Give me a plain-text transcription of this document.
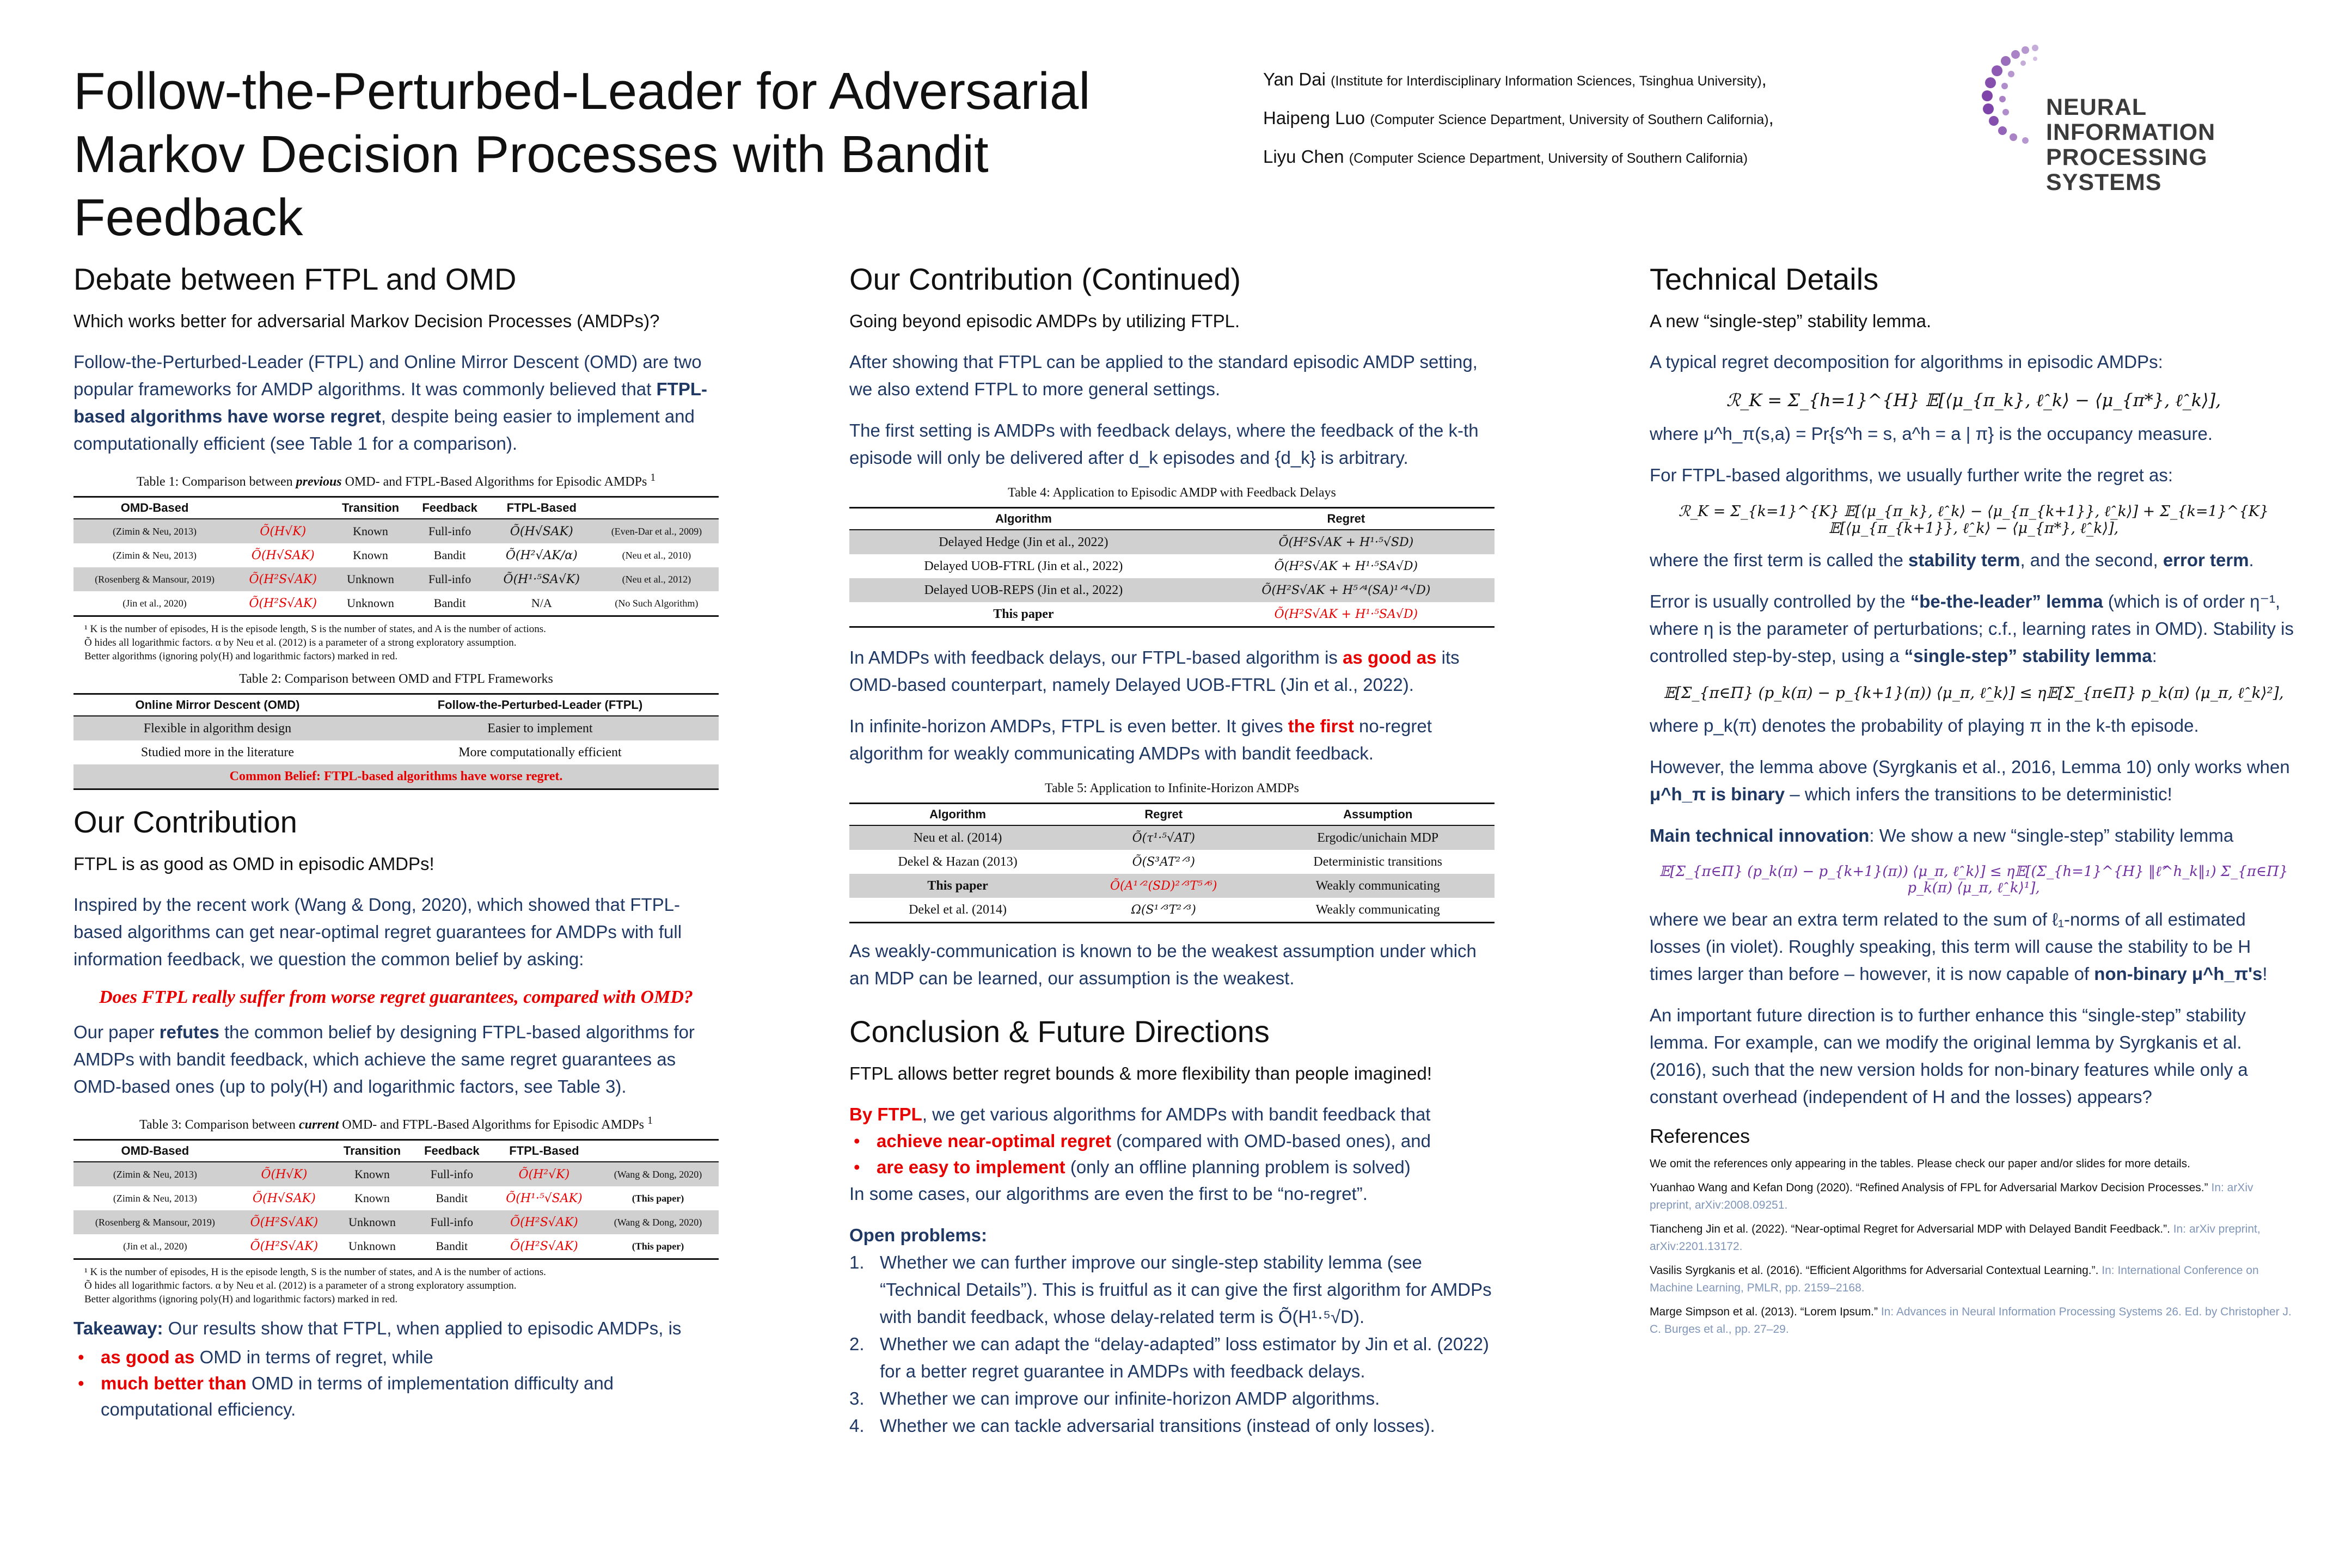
Follow-the-Perturbed-Leader for Adversarial
Markov Decision Processes with Bandit Feedback
Yan Dai (Institute for Interdisciplinary Information Sciences, Tsinghua University),
Haipeng Luo (Computer Science Department, University of Southern California),
Liyu Chen (Computer Science Department, University of Southern California)
NEURAL INFORMATION
PROCESSING SYSTEMS
Debate between FTPL and OMD
Which works better for adversarial Markov Decision Processes (AMDPs)?

Follow-the-Perturbed-Leader (FTPL) and Online Mirror Descent (OMD) are two popular frameworks for AMDP algorithms. It was commonly believed that FTPL-based algorithms have worse regret, despite being easier to implement and computationally efficient (see Table 1 for a comparison).

Table 1: Comparison between previous OMD- and FTPL-Based Algorithms for Episodic AMDPs $^1$
OMD-Based		Transition	Feedback	FTPL-Based	
(Zimin & Neu, 2013)	Õ(H√K)	Known	Full-info	Õ(H√SAK)	(Even-Dar et al., 2009)
(Zimin & Neu, 2013)	Õ(H√SAK)	Known	Bandit	Õ(H²√AK/α)	(Neu et al., 2010)
(Rosenberg & Mansour, 2019)	Õ(H²S√AK)	Unknown	Full-info	Õ(H¹·⁵SA√K)	(Neu et al., 2012)
(Jin et al., 2020)	Õ(H²S√AK)	Unknown	Bandit	N/A	(No Such Algorithm)
¹ K is the number of episodes, H is the episode length, S is the number of states, and A is the number of actions.
Õ hides all logarithmic factors. α by Neu et al. (2012) is a parameter of a strong exploratory assumption.
Better algorithms (ignoring poly(H) and logarithmic factors) marked in red.
Table 2: Comparison between OMD and FTPL Frameworks
Online Mirror Descent (OMD)	Follow-the-Perturbed-Leader (FTPL)
Flexible in algorithm design	Easier to implement
Studied more in the literature	More computationally efficient
Common Belief: FTPL-based algorithms have worse regret.	
Our Contribution
FTPL is as good as OMD in episodic AMDPs!

Inspired by the recent work (Wang & Dong, 2020), which showed that FTPL-based algorithms can get near-optimal regret guarantees for AMDPs with full information feedback, we question the common belief by asking:

Does FTPL really suffer from worse regret guarantees, compared with OMD?

Our paper refutes the common belief by designing FTPL-based algorithms for AMDPs with bandit feedback, which achieve the same regret guarantees as OMD-based ones (up to poly(H) and logarithmic factors, see Table 3).

Table 3: Comparison between current OMD- and FTPL-Based Algorithms for Episodic AMDPs $^1$
OMD-Based		Transition	Feedback	FTPL-Based	
(Zimin & Neu, 2013)	Õ(H√K)	Known	Full-info	Õ(H²√K)	(Wang & Dong, 2020)
(Zimin & Neu, 2013)	Õ(H√SAK)	Known	Bandit	Õ(H¹·⁵√SAK)	(This paper)
(Rosenberg & Mansour, 2019)	Õ(H²S√AK)	Unknown	Full-info	Õ(H²S√AK)	(Wang & Dong, 2020)
(Jin et al., 2020)	Õ(H²S√AK)	Unknown	Bandit	Õ(H²S√AK)	(This paper)
¹ K is the number of episodes, H is the episode length, S is the number of states, and A is the number of actions.
Õ hides all logarithmic factors. α by Neu et al. (2012) is a parameter of a strong exploratory assumption.
Better algorithms (ignoring poly(H) and logarithmic factors) marked in red.

Takeaway: Our results show that FTPL, when applied to episodic AMDPs, is

• as good as OMD in terms of regret, while
• much better than OMD in terms of implementation difficulty and computational efficiency.
Our Contribution (Continued)
Going beyond episodic AMDPs by utilizing FTPL.

After showing that FTPL can be applied to the standard episodic AMDP setting, we also extend FTPL to more general settings.

The first setting is AMDPs with feedback delays, where the feedback of the k-th episode will only be delivered after d_k episodes and {d_k} is arbitrary.

Table 4: Application to Episodic AMDP with Feedback Delays
Algorithm	Regret
Delayed Hedge (Jin et al., 2022)	Õ(H²S√AK + H¹·⁵√SD)
Delayed UOB-FTRL (Jin et al., 2022)	Õ(H²S√AK + H¹·⁵SA√D)
Delayed UOB-REPS (Jin et al., 2022)	Õ(H²S√AK + H⁵ᐟ⁴(SA)¹ᐟ⁴√D)
This paper	Õ(H²S√AK + H¹·⁵SA√D)

In AMDPs with feedback delays, our FTPL-based algorithm is as good as its OMD-based counterpart, namely Delayed UOB-FTRL (Jin et al., 2022).

In infinite-horizon AMDPs, FTPL is even better. It gives the first no-regret algorithm for weakly communicating AMDPs with bandit feedback.

Table 5: Application to Infinite-Horizon AMDPs
Algorithm	Regret	Assumption
Neu et al. (2014)	Õ(τ¹·⁵√AT)	Ergodic/unichain MDP
Dekel & Hazan (2013)	Õ(S³AT²ᐟ³)	Deterministic transitions
This paper	Õ(A¹ᐟ²(SD)²ᐟ³T⁵ᐟ⁶)	Weakly communicating
Dekel et al. (2014)	Ω(S¹ᐟ³T²ᐟ³)	Weakly communicating

As weakly-communication is known to be the weakest assumption under which an MDP can be learned, our assumption is the weakest.

Conclusion & Future Directions
FTPL allows better regret bounds & more flexibility than people imagined!

By FTPL, we get various algorithms for AMDPs with bandit feedback that

• achieve near-optimal regret (compared with OMD-based ones), and
• are easy to implement (only an offline planning problem is solved)

In some cases, our algorithms are even the first to be “no-regret”.

Open problems:

1. Whether we can further improve our single-step stability lemma (see “Technical Details”). This is fruitful as it can give the first algorithm for AMDPs with bandit feedback, whose delay-related term is Õ(H¹·⁵√D).
2. Whether we can adapt the “delay-adapted” loss estimator by Jin et al. (2022) for a better regret guarantee in AMDPs with feedback delays.
3. Whether we can improve our infinite-horizon AMDP algorithms.
4. Whether we can tackle adversarial transitions (instead of only losses).
Technical Details
A new “single-step” stability lemma.

A typical regret decomposition for algorithms in episodic AMDPs:

ℛ_K = Σ_{h=1}^{H} 𝔼[⟨μ_{π_k}, ℓ̂_k⟩ − ⟨μ_{π*}, ℓ̂_k⟩],

where μ^h_π(s,a) = Pr{s^h = s, a^h = a | π} is the occupancy measure.

For FTPL-based algorithms, we usually further write the regret as:

ℛ_K = Σ_{k=1}^{K} 𝔼[⟨μ_{π_k}, ℓ̂_k⟩ − ⟨μ_{π_{k+1}}, ℓ̂_k⟩] + Σ_{k=1}^{K} 𝔼[⟨μ_{π_{k+1}}, ℓ̂_k⟩ − ⟨μ_{π*}, ℓ̂_k⟩],

where the first term is called the stability term, and the second, error term.

Error is usually controlled by the “be-the-leader” lemma (which is of order η⁻¹, where η is the parameter of perturbations; c.f., learning rates in OMD). Stability is controlled step-by-step, using a “single-step” stability lemma:

𝔼[Σ_{π∈Π} (p_k(π) − p_{k+1}(π)) ⟨μ_π, ℓ̂_k⟩] ≤ η𝔼[Σ_{π∈Π} p_k(π) ⟨μ_π, ℓ̂_k⟩²],

where p_k(π) denotes the probability of playing π in the k-th episode.

However, the lemma above (Syrgkanis et al., 2016, Lemma 10) only works when μ^h_π is binary – which infers the transitions to be deterministic!

Main technical innovation: We show a new “single-step” stability lemma

𝔼[Σ_{π∈Π} (p_k(π) − p_{k+1}(π)) ⟨μ_π, ℓ̂_k⟩] ≤ η𝔼[(Σ_{h=1}^{H} ‖ℓ̂^h_k‖₁) Σ_{π∈Π} p_k(π) ⟨μ_π, ℓ̂_k⟩¹],

where we bear an extra term related to the sum of ℓ₁-norms of all estimated losses (in violet). Roughly speaking, this term will cause the stability to be H times larger than before – however, it is now capable of non-binary μ^h_π's!

An important future direction is to further enhance this “single-step” stability lemma. For example, can we modify the original lemma by Syrgkanis et al. (2016), such that the new version holds for non-binary features while only a constant overhead (independent of H and the losses) appears?

References
We omit the references only appearing in the tables. Please check our paper and/or slides for more details.
Yuanhao Wang and Kefan Dong (2020). “Refined Analysis of FPL for Adversarial Markov Decision Processes.” In: arXiv preprint, arXiv:2008.09251.
Tiancheng Jin et al. (2022). “Near-optimal Regret for Adversarial MDP with Delayed Bandit Feedback.”. In: arXiv preprint, arXiv:2201.13172.
Vasilis Syrgkanis et al. (2016). “Efficient Algorithms for Adversarial Contextual Learning.”. In: International Conference on Machine Learning, PMLR, pp. 2159–2168.
Marge Simpson et al. (2013). “Lorem Ipsum.” In: Advances in Neural Information Processing Systems 26. Ed. by Christopher J. C. Burges et al., pp. 27–29.
